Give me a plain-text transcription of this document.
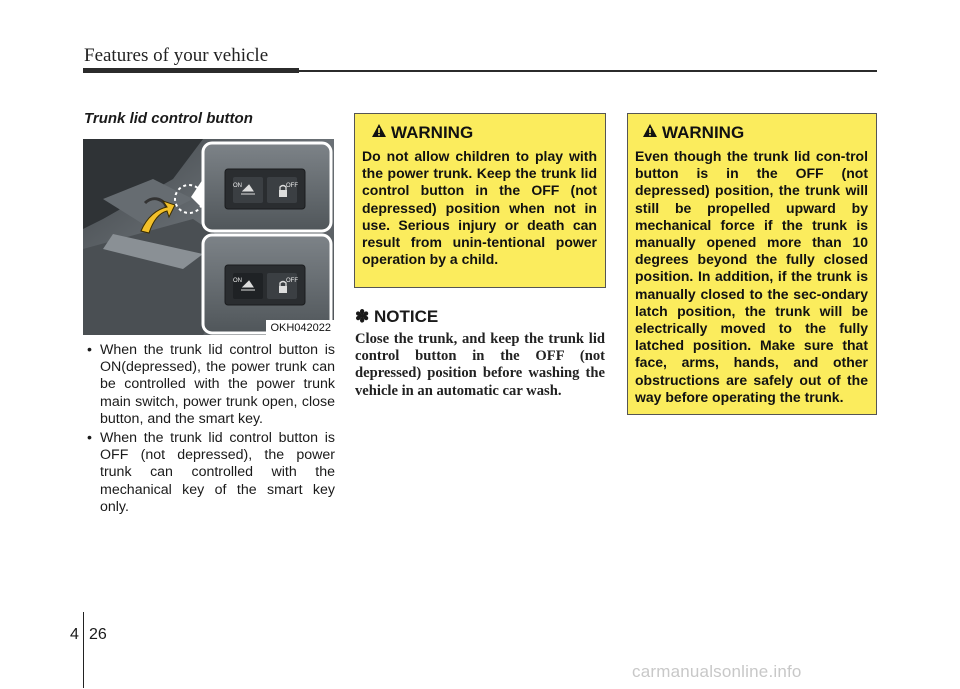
Features of your vehicle
Trunk lid control button
ON	OFF
ON	OFF
OKH042022
• When the trunk lid control button is ON(depressed), the power trunk can be controlled with the power trunk main switch, power trunk open, close button, and the smart key.
• When the trunk lid control button is OFF (not depressed), the power trunk can controlled with the mechanical key of the smart key only.
WARNING

Do not allow children to play with the power trunk. Keep the trunk lid control button in the OFF (not depressed) position when not in use. Serious injury or death can result from unin-tentional power operation by a child.

WARNING

Even though the trunk lid con-trol button is in the OFF (not depressed) position, the trunk will still be propelled upward by mechanical force if the trunk is manually opened more than 10 degrees beyond the fully closed position. In addition, if the trunk is manually closed to the sec-ondary latch position, the trunk will be electrically moved to the fully latched position. Make sure that face, arms, hands, and other obstructions are safely out of the way before operating the trunk.

✽ NOTICE

Close the trunk, and keep the trunk lid control button in the OFF (not depressed) position before washing the vehicle in an automatic car wash.

4 26
carmanualsonline.info
